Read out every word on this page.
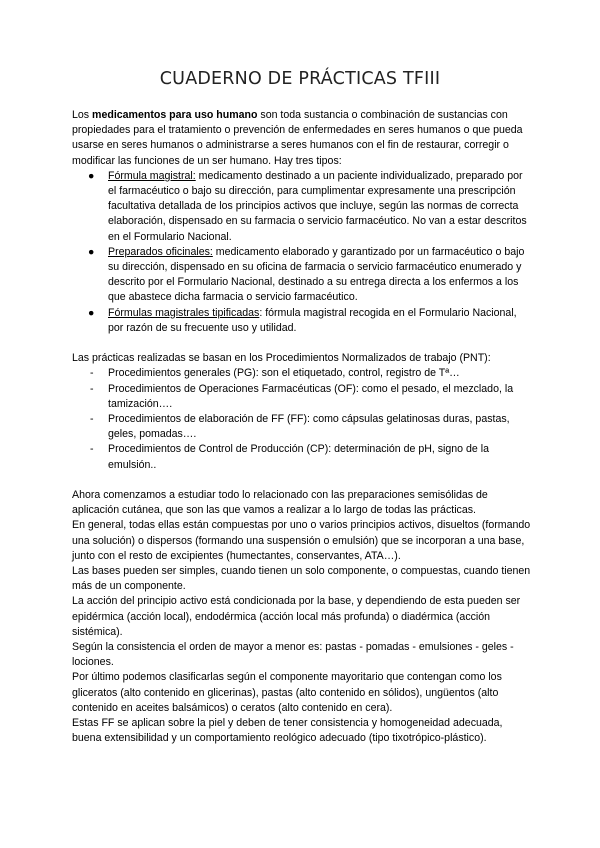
CUADERNO DE PRÁCTICAS TFIII

Los medicamentos para uso humano son toda sustancia o combinación de sustancias con propiedades para el tratamiento o prevención de enfermedades en seres humanos o que pueda usarse en seres humanos o administrarse a seres humanos con el fin de restaurar, corregir o modificar las funciones de un ser humano. Hay tres tipos:

● Fórmula magistral: medicamento destinado a un paciente individualizado, preparado por el farmacéutico o bajo su dirección, para cumplimentar expresamente una prescripción facultativa detallada de los principios activos que incluye, según las normas de correcta elaboración, dispensado en su farmacia o servicio farmacéutico. No van a estar descritos en el Formulario Nacional.
● Preparados oficinales: medicamento elaborado y garantizado por un farmacéutico o bajo su dirección, dispensado en su oficina de farmacia o servicio farmacéutico enumerado y descrito por el Formulario Nacional, destinado a su entrega directa a los enfermos a los que abastece dicha farmacia o servicio farmacéutico.
● Fórmulas magistrales tipificadas: fórmula magistral recogida en el Formulario Nacional, por razón de su frecuente uso y utilidad.

Las prácticas realizadas se basan en los Procedimientos Normalizados de trabajo (PNT):

- Procedimientos generales (PG): son el etiquetado, control, registro de Tª…
- Procedimientos de Operaciones Farmacéuticas (OF): como el pesado, el mezclado, la tamización….
- Procedimientos de elaboración de FF (FF): como cápsulas gelatinosas duras, pastas, geles, pomadas….
- Procedimientos de Control de Producción (CP): determinación de pH, signo de la emulsión..

Ahora comenzamos a estudiar todo lo relacionado con las preparaciones semisólidas de aplicación cutánea, que son las que vamos a realizar a lo largo de todas las prácticas.

En general, todas ellas están compuestas por uno o varios principios activos, disueltos (formando una solución) o dispersos (formando una suspensión o emulsión) que se incorporan a una base, junto con el resto de excipientes (humectantes, conservantes, ATA…).

Las bases pueden ser simples, cuando tienen un solo componente, o compuestas, cuando tienen más de un componente.

La acción del principio activo está condicionada por la base, y dependiendo de esta pueden ser epidérmica (acción local), endodérmica (acción local más profunda) o diadérmica (acción sistémica).

Según la consistencia el orden de mayor a menor es: pastas - pomadas - emulsiones - geles - lociones.

Por último podemos clasificarlas según el componente mayoritario que contengan como los gliceratos (alto contenido en glicerinas), pastas (alto contenido en sólidos), ungüentos (alto contenido en aceites balsámicos) o ceratos (alto contenido en cera).

Estas FF se aplican sobre la piel y deben de tener consistencia y homogeneidad adecuada, buena extensibilidad y un comportamiento reológico adecuado (tipo tixotrópico-plástico).
